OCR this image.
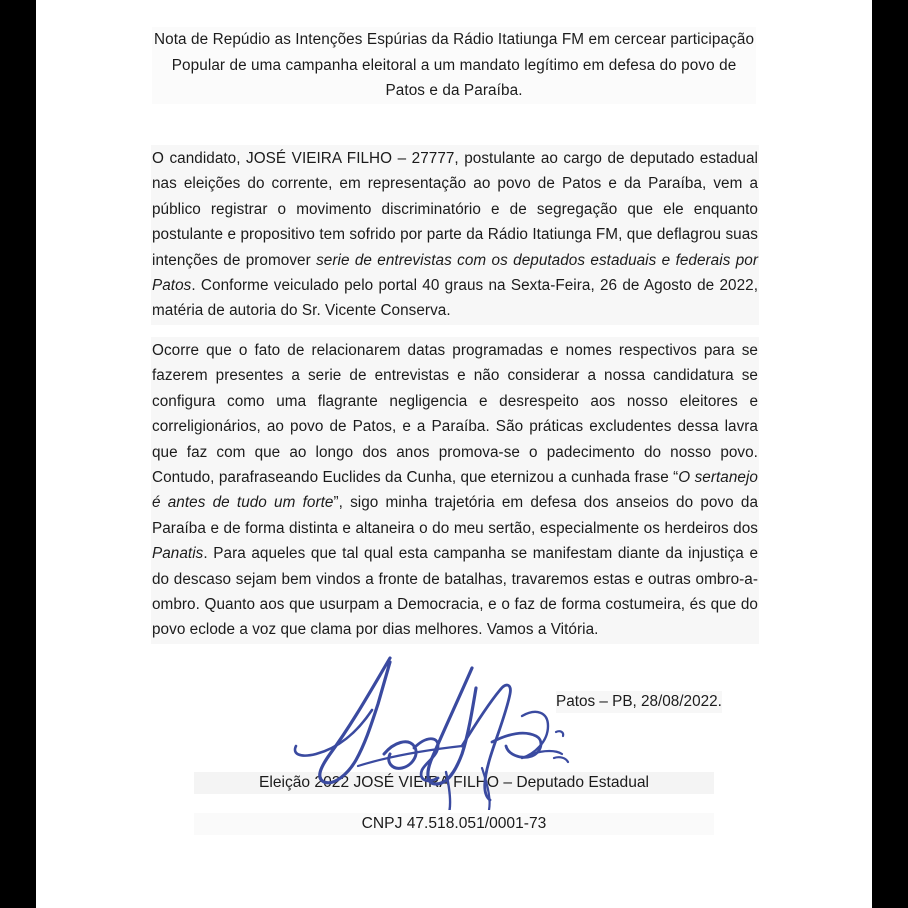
Nota de Repúdio as Intenções Espúrias da Rádio Itatiunga FM em cercear participação Popular de uma campanha eleitoral a um mandato legítimo em defesa do povo de Patos e da Paraíba.
O candidato, JOSÉ VIEIRA FILHO – 27777, postulante ao cargo de deputado estadual nas eleições do corrente, em representação ao povo de Patos e da Paraíba, vem a público registrar o movimento discriminatório e de segregação que ele enquanto postulante e propositivo tem sofrido por parte da Rádio Itatiunga FM, que deflagrou suas intenções de promover serie de entrevistas com os deputados estaduais e federais por Patos. Conforme veiculado pelo portal 40 graus na Sexta-Feira, 26 de Agosto de 2022, matéria de autoria do Sr. Vicente Conserva.
Ocorre que o fato de relacionarem datas programadas e nomes respectivos para se fazerem presentes a serie de entrevistas e não considerar a nossa candidatura se configura como uma flagrante negligencia e desrespeito aos nosso eleitores e correligionários, ao povo de Patos, e a Paraíba. São práticas excludentes dessa lavra que faz com que ao longo dos anos promova-se o padecimento do nosso povo. Contudo, parafraseando Euclides da Cunha, que eternizou a cunhada frase “O sertanejo é antes de tudo um forte”, sigo minha trajetória em defesa dos anseios do povo da Paraíba e de forma distinta e altaneira o do meu sertão, especialmente os herdeiros dos Panatis. Para aqueles que tal qual esta campanha se manifestam diante da injustiça e do descaso sejam bem vindos a fronte de batalhas, travaremos estas e outras ombro-a-ombro. Quanto aos que usurpam a Democracia, e o faz de forma costumeira, és que do povo eclode a voz que clama por dias melhores. Vamos a Vitória.
Patos – PB, 28/08/2022.
Eleição 2022 JOSÉ VIEIRA FILHO – Deputado Estadual
CNPJ 47.518.051/0001-73
